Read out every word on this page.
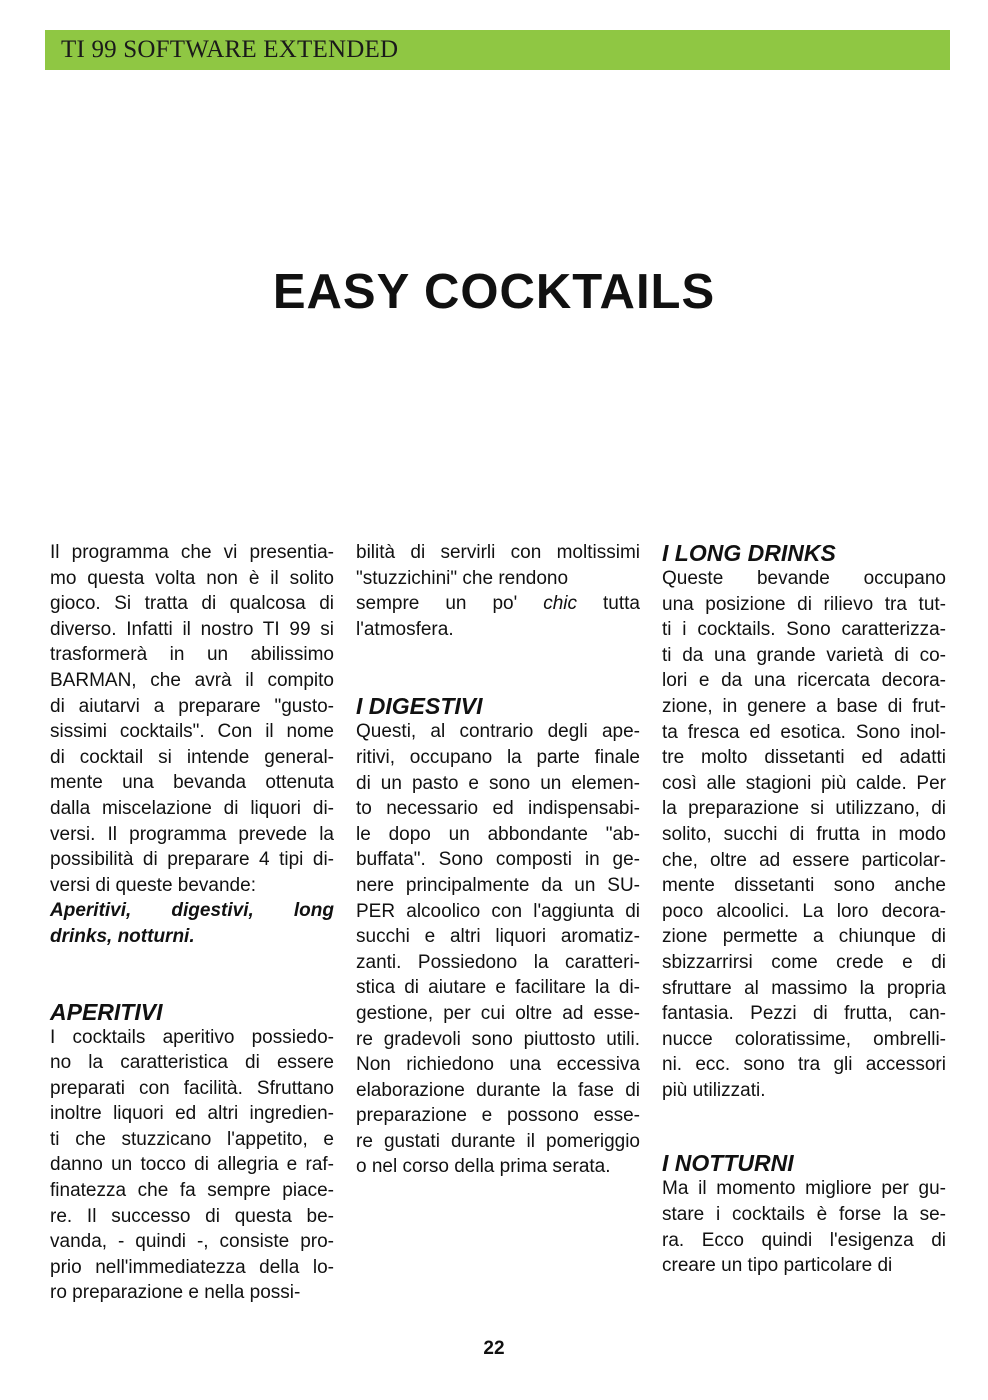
TI 99 SOFTWARE EXTENDED
EASY COCKTAILS

Il programma che vi presentia-

mo questa volta non è il solito

gioco. Si tratta di qualcosa di

diverso. Infatti il nostro TI 99 si

trasformerà in un abilissimo

BARMAN, che avrà il compito

di aiutarvi a preparare "gusto-

sissimi cocktails". Con il nome

di cocktail si intende general-

mente una bevanda ottenuta

dalla miscelazione di liquori di-

versi. Il programma prevede la

possibilità di preparare 4 tipi di-

versi di queste bevande:

Aperitivi, digestivi, long

drinks, notturni.

APERITIVI

I cocktails aperitivo possiedo-

no la caratteristica di essere

preparati con facilità. Sfruttano

inoltre liquori ed altri ingredien-

ti che stuzzicano l'appetito, e

danno un tocco di allegria e raf-

finatezza che fa sempre piace-

re. Il successo di questa be-

vanda, - quindi -, consiste pro-

prio nell'immediatezza della lo-

ro preparazione e nella possi-

bilità di servirli con moltissimi

"stuzzichini" che rendono

sempre un po' chic tutta

l'atmosfera.

I DIGESTIVI

Questi, al contrario degli ape-

ritivi, occupano la parte finale

di un pasto e sono un elemen-

to necessario ed indispensabi-

le dopo un abbondante "ab-

buffata". Sono composti in ge-

nere principalmente da un SU-

PER alcoolico con l'aggiunta di

succhi e altri liquori aromatiz-

zanti. Possiedono la caratteri-

stica di aiutare e facilitare la di-

gestione, per cui oltre ad esse-

re gradevoli sono piuttosto utili.

Non richiedono una eccessiva

elaborazione durante la fase di

preparazione e possono esse-

re gustati durante il pomeriggio

o nel corso della prima serata.

I LONG DRINKS

Queste bevande occupano

una posizione di rilievo tra tut-

ti i cocktails. Sono caratterizza-

ti da una grande varietà di co-

lori e da una ricercata decora-

zione, in genere a base di frut-

ta fresca ed esotica. Sono inol-

tre molto dissetanti ed adatti

così alle stagioni più calde. Per

la preparazione si utilizzano, di

solito, succhi di frutta in modo

che, oltre ad essere particolar-

mente dissetanti sono anche

poco alcoolici. La loro decora-

zione permette a chiunque di

sbizzarrirsi come crede e di

sfruttare al massimo la propria

fantasia. Pezzi di frutta, can-

nucce coloratissime, ombrelli-

ni. ecc. sono tra gli accessori

più utilizzati.

I NOTTURNI

Ma il momento migliore per gu-

stare i cocktails è forse la se-

ra. Ecco quindi l'esigenza di

creare un tipo particolare di

22
